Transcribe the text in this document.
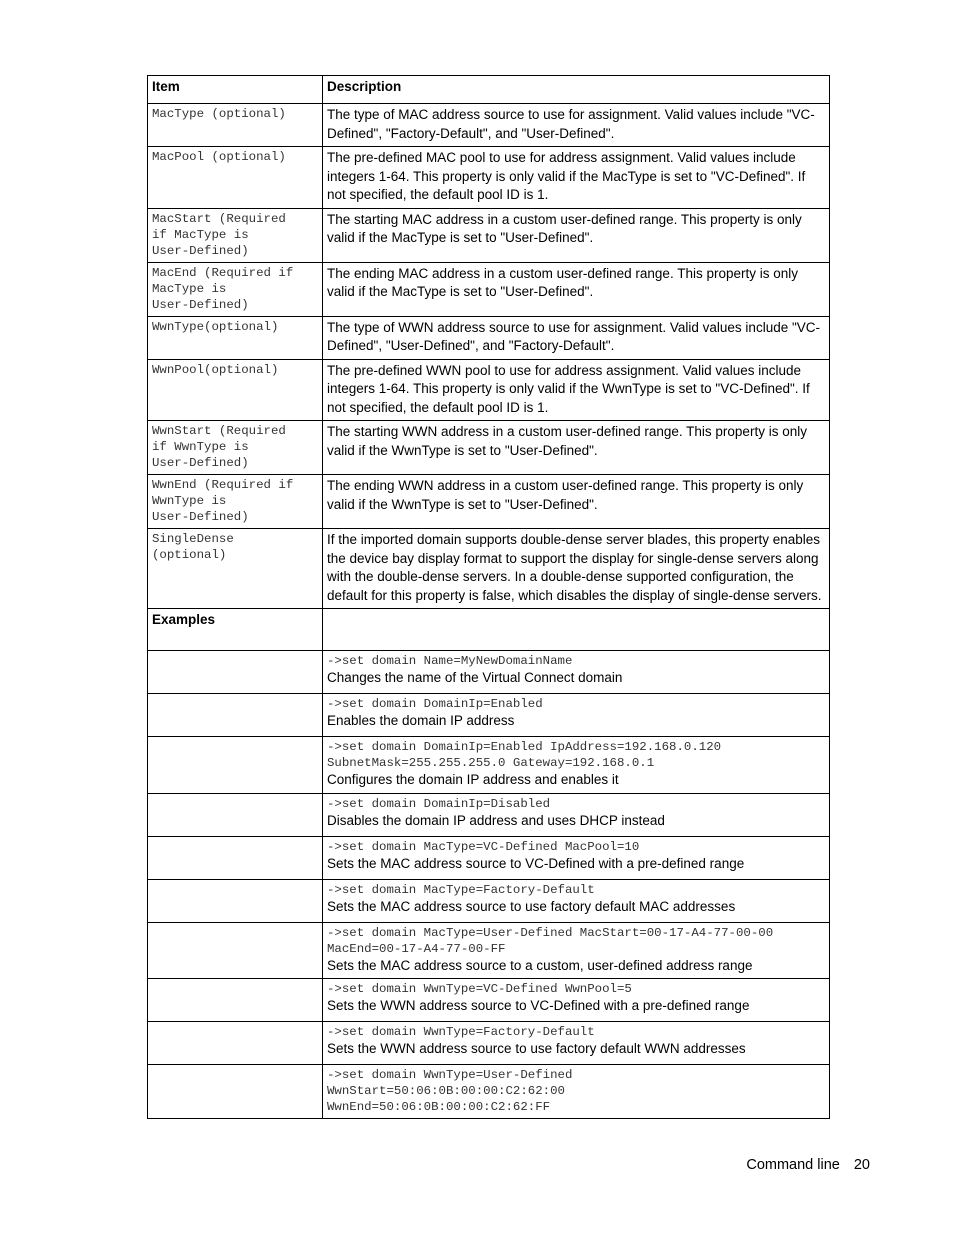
Item	Description

MacType (optional)	The type of MAC address source to use for assignment. Valid values include "VC-Defined", "Factory-Default", and "User-Defined".

MacPool (optional)	The pre-defined MAC pool to use for address assignment. Valid values include integers 1-64. This property is only valid if the MacType is set to "VC-Defined". If not specified, the default pool ID is 1.

MacStart (Required
if MacType is
User-Defined)	The starting MAC address in a custom user-defined range. This property is only valid if the MacType is set to "User-Defined".

MacEnd (Required if
MacType is
User-Defined)	The ending MAC address in a custom user-defined range. This property is only valid if the MacType is set to "User-Defined".

WwnType(optional)	The type of WWN address source to use for assignment. Valid values include "VC-Defined", "User-Defined", and "Factory-Default".

WwnPool(optional)	The pre-defined WWN pool to use for address assignment. Valid values include integers 1-64. This property is only valid if the WwnType is set to "VC-Defined". If not specified, the default pool ID is 1.

WwnStart (Required
if WwnType is
User-Defined)	The starting WWN address in a custom user-defined range. This property is only valid if the WwnType is set to "User-Defined".

WwnEnd (Required if
WwnType is
User-Defined)	The ending WWN address in a custom user-defined range. This property is only valid if the WwnType is set to "User-Defined".

SingleDense
(optional)	If the imported domain supports double-dense server blades, this property enables the device bay display format to support the display for single-dense servers along with the double-dense servers. In a double-dense supported configuration, the default for this property is false, which disables the display of single-dense servers.
Examples	

	->set domain Name=MyNewDomainName
Changes the name of the Virtual Connect domain

	->set domain DomainIp=Enabled
Enables the domain IP address

	->set domain DomainIp=Enabled IpAddress=192.168.0.120
SubnetMask=255.255.255.0 Gateway=192.168.0.1
Configures the domain IP address and enables it

	->set domain DomainIp=Disabled
Disables the domain IP address and uses DHCP instead

	->set domain MacType=VC-Defined MacPool=10
Sets the MAC address source to VC-Defined with a pre-defined range

	->set domain MacType=Factory-Default
Sets the MAC address source to use factory default MAC addresses

	->set domain MacType=User-Defined MacStart=00-17-A4-77-00-00
MacEnd=00-17-A4-77-00-FF
Sets the MAC address source to a custom, user-defined address range

	->set domain WwnType=VC-Defined WwnPool=5
Sets the WWN address source to VC-Defined with a pre-defined range

	->set domain WwnType=Factory-Default
Sets the WWN address source to use factory default WWN addresses

	->set domain WwnType=User-Defined
WwnStart=50:06:0B:00:00:C2:62:00
WwnEnd=50:06:0B:00:00:C2:62:FF
Command line 20
